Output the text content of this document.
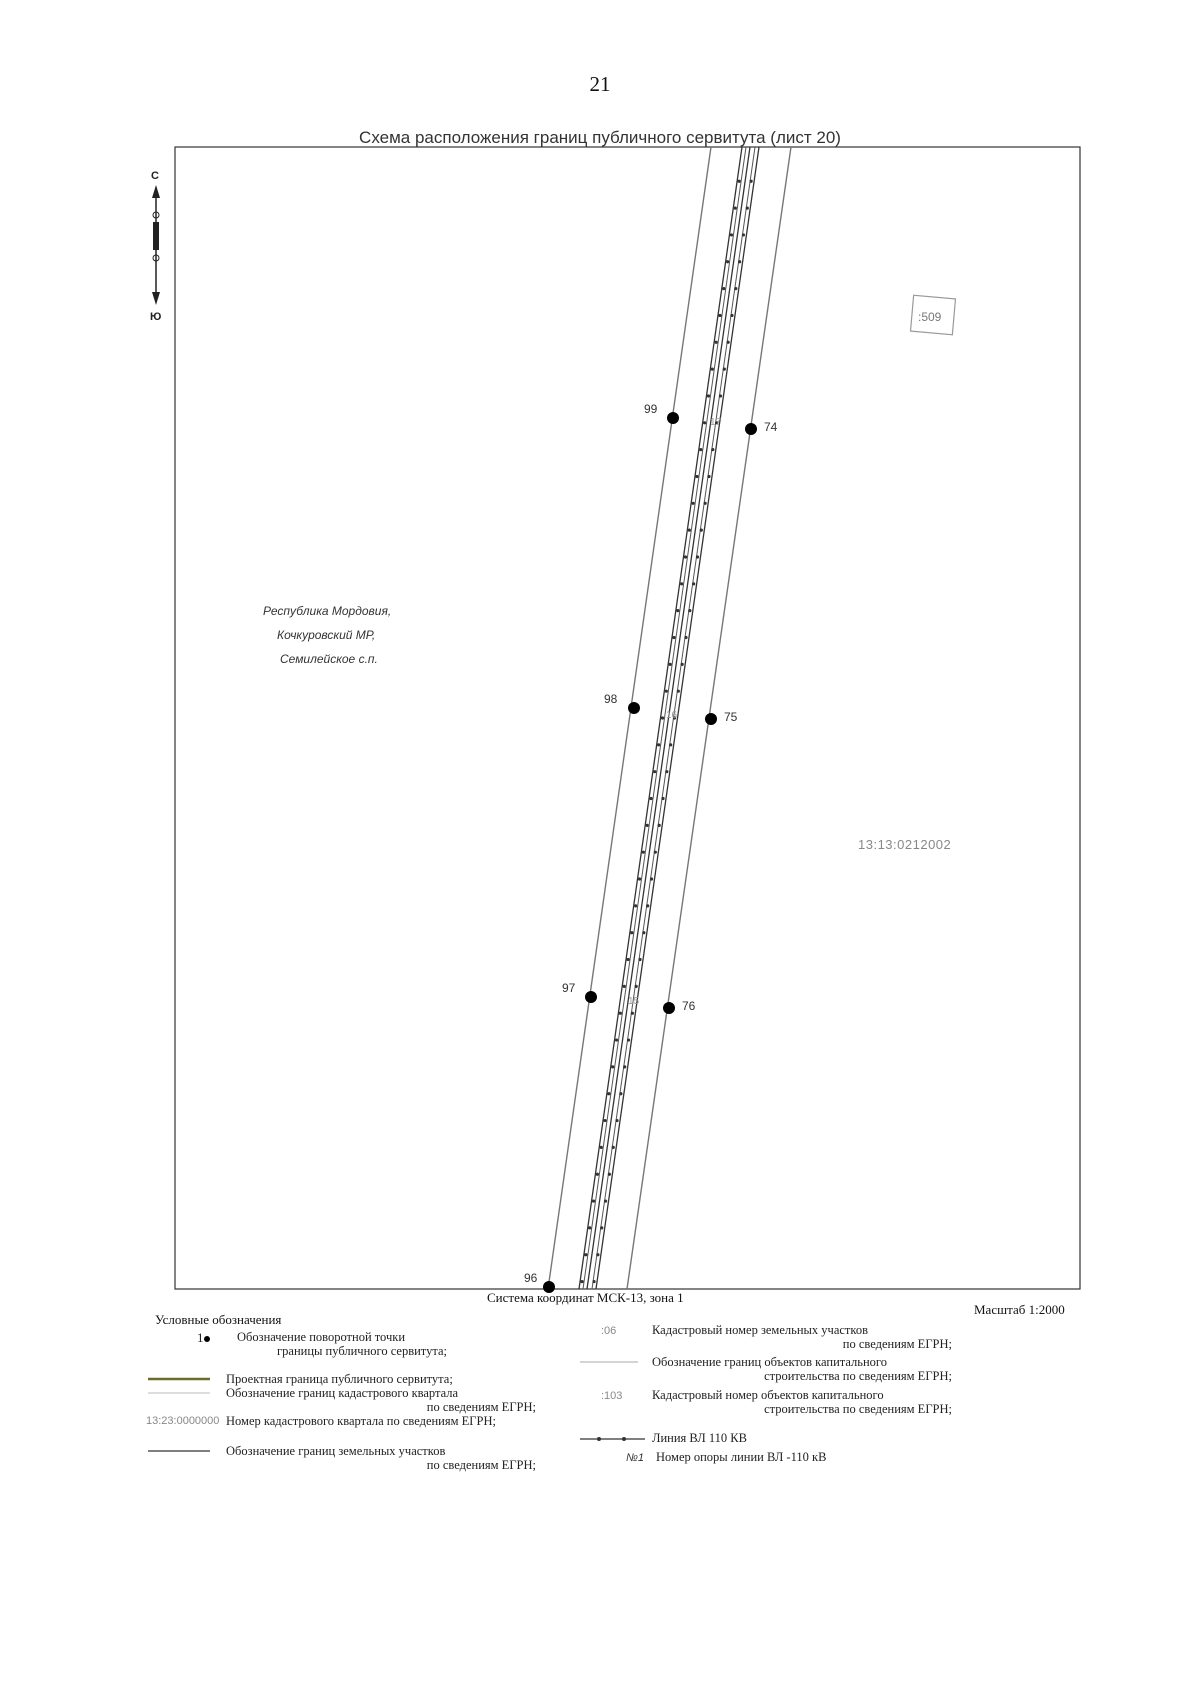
21
Схема расположения границ публичного сервитута (лист 20)
С
Ю
Республика Мордовия,
Кочкуровский МР,
Семилейское с.п.
:509
13:13:0212002
99
74
98
75
97
76
96
17
16
15
Система координат МСК-13, зона 1
Масштаб 1:2000
Условные обозначения
1	Обозначение поворотной точки
границы публичного сервитута;
Проектная граница публичного сервитута;
Обозначение границ кадастрового квартала
по сведениям ЕГРН;
13:23:0000000 Номер кадастрового квартала по сведениям ЕГРН;
Обозначение границ земельных участков
по сведениям ЕГРН;
:06	Кадастровый номер земельных участков
по сведениям ЕГРН;
Обозначение границ объектов капитального
строительства по сведениям ЕГРН;
:103 Кадастровый номер объектов капитального
строительства по сведениям ЕГРН;
Линия ВЛ 110 КВ
№1 Номер опоры линии ВЛ -110 кВ
